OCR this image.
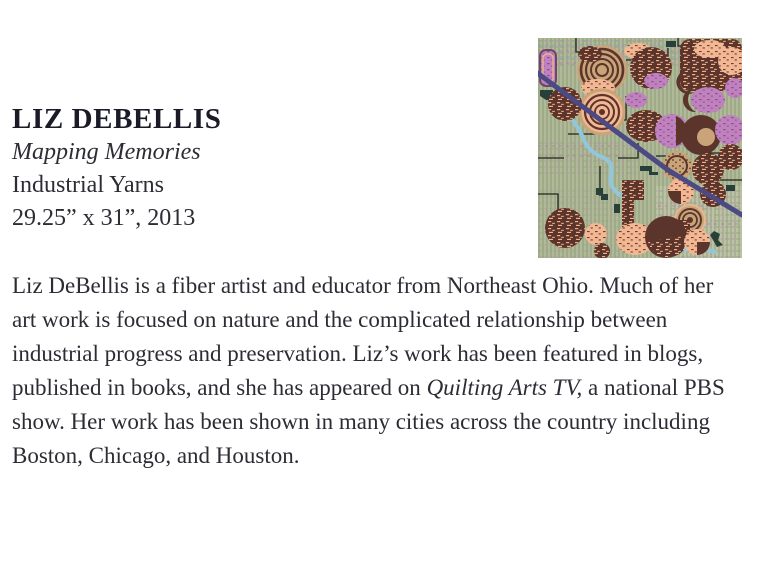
LIZ DEBELLIS

Mapping Memories

Industrial Yarns

29.25” x 31”, 2013

Liz DeBellis is a fiber artist and educator from Northeast Ohio. Much of her art work is focused on nature and the complicated relationship between industrial progress and preservation. Liz’s work has been featured in blogs, published in books, and she has appeared on Quilting Arts TV, a national PBS show. Her work has been shown in many cities across the country including Boston, Chicago, and Houston.
